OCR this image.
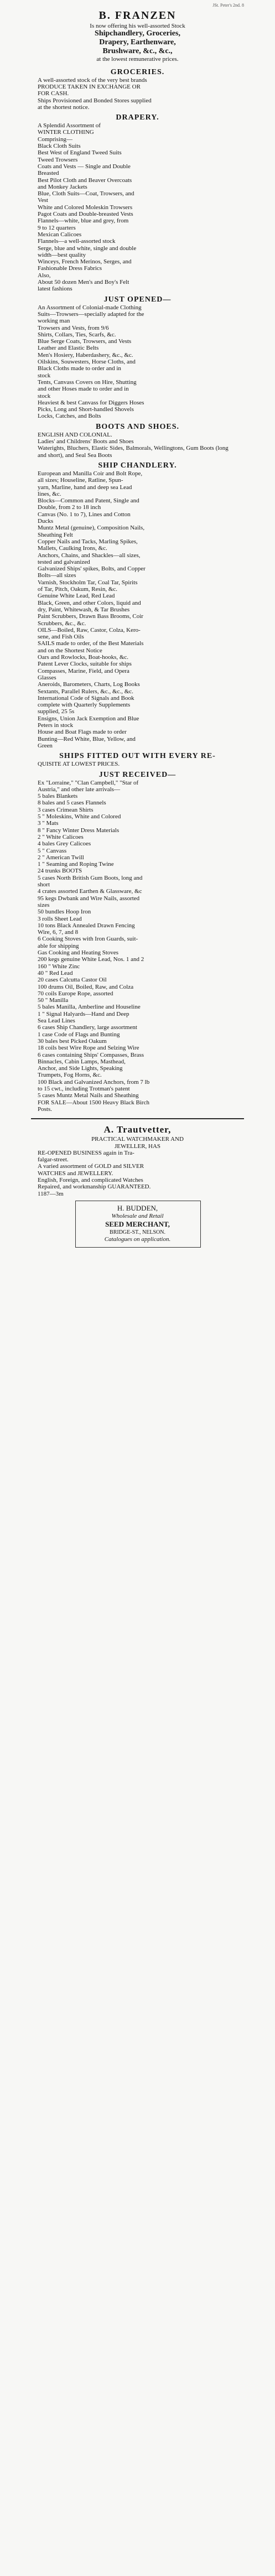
JSt. Peter's 2nd. 8
B. FRANZEN
Is now offering his well-assorted Stock
Shipchandlery, Groceries,
Drapery, Earthenware,
Brushware, &c., &c.,
at the lowest remunerative prices.
GROCERIES.
A well-assorted stock of the very best brands
PRODUCE TAKEN IN EXCHANGE OR
FOR CASH.
Ships Provisioned and Bonded Stores supplied
at the shortest notice.
DRAPERY.
A Splendid Assortment of
WINTER CLOTHING
Comprising—
Black Cloth Suits
Best West of England Tweed Suits
Tweed Trowsers
Coats and Vests — Single and Double
Breasted
Best Pilot Cloth and Beaver Overcoats
and Monkey Jackets
Blue, Cloth Suits—Coat, Trowsers, and
Vest
White and Colored Moleskin Trowsers
Pagot Coats and Double-breasted Vests
Flannels—white, blue and grey, from
9 to 12 quarters
Mexican Calicoes
Flannels—a well-assorted stock
Serge, blue and white, single and double
width—best quality
Winceys, French Merinos, Serges, and
Fashionable Dress Fabrics
Also,
About 50 dozen Men's and Boy's Felt
latest fashions
JUST OPENED—
An Assortment of Colonial-made Clothing
Suits—Trowsers—specially adapted for the
working man
Trowsers and Vests, from 9/6
Shirts, Collars, Ties, Scarfs, &c.
Blue Serge Coats, Trowsers, and Vests
Leather and Elastic Belts
Men's Hosiery, Haberdashery, &c., &c.
Oilskins, Souwesters, Horse Cloths, and
Black Cloths made to order and in
stock
Tents, Canvass Covers on Hire, Shutting
and other Hoses made to order and in
stock
Heaviest & best Canvass for Diggers Hoses
Picks, Long and Short-handled Shovels
Locks, Catches, and Bolts
BOOTS AND SHOES.
ENGLISH AND COLONIAL.
Ladies' and Childrens' Boots and Shoes
Waterights, Bluchers, Elastic Sides, Balmorals, Wellingtons, Gum Boots (long
and short), and Seal Sea Boots
SHIP CHANDLERY.
European and Manilla Coir and Bolt Rope,
all sizes; Houseline, Ratline, Spun-
yarn, Marline, hand and deep sea Lead
lines, &c.
Blocks—Common and Patent, Single and
Double, from 2 to 18 inch
Canvas (No. 1 to 7), Lines and Cotton
Ducks
Muntz Metal (genuine), Composition Nails,
Sheathing Felt
Copper Nails and Tacks, Marling Spikes,
Mallets, Caulking Irons, &c.
Anchors, Chains, and Shackles—all sizes,
tested and galvanized
Galvanized Ships' spikes, Bolts, and Copper
Bolts—all sizes
Varnish, Stockholm Tar, Coal Tar, Spirits
of Tar, Pitch, Oakum, Resin, &c.
Genuine White Lead, Red Lead
Black, Green, and other Colors, liquid and
dry, Paint, Whitewash, & Tar Brushes
Paint Scrubbers, Drawn Bass Brooms, Coir
Scrubbers, &c., &c.
OILS—Boiled, Raw, Castor, Colza, Kero-
sene, and Fish Oils
SAILS made to order, of the Best Materials
and on the Shortest Notice
Oars and Rowlocks, Boat-hooks, &c.
Patent Lever Clocks, suitable for ships
Compasses, Marine, Field, and Opera
Glasses
Aneroids, Barometers, Charts, Log Books
Sextants, Parallel Rulers, &c., &c., &c.
International Code of Signals and Book
complete with Quarterly Supplements
supplied, 25 5s
Ensigns, Union Jack Exemption and Blue
Peters in stock
House and Boat Flags made to order
Bunting—Red White, Blue, Yellow, and
Green
SHIPS FITTED OUT WITH EVERY RE-
QUISITE AT LOWEST PRICES.
JUST RECEIVED—
Ex "Lorraine," "Clan Campbell," "Star of
Austria," and other late arrivals—
5 bales Blankets
8 bales and 5 cases Flannels
3 cases Crimean Shirts
5 " Moleskins, White and Colored
3 " Mats
8 " Fancy Winter Dress Materials
2 " White Calicoes
4 bales Grey Calicoes
5 " Canvass
2 " American Twill
1 " Seaming and Roping Twine
24 trunks BOOTS
5 cases North British Gum Boots, long and
short
4 crates assorted Earthen & Glassware, &c
95 kegs Dwbank and Wire Nails, assorted
sizes
50 bundles Hoop Iron
3 rolls Sheet Lead
10 tons Black Annealed Drawn Fencing
Wire, 6, 7, and 8
6 Cooking Stoves with Iron Guards, suit-
able for shipping
Gas Cooking and Heating Stoves
200 kegs genuine White Lead, Nos. 1 and 2
160 " White Zinc
40 " Red Lead
20 cases Calcutta Castor Oil
100 drums Oil, Boiled, Raw, and Colza
70 coils Europe Rope, assorted
50 " Manilla
5 bales Manilla, Amberline and Houseline
1 " Signal Halyards—Hand and Deep
Sea Lead Lines
6 cases Ship Chandlery, large assortment
1 case Code of Flags and Bunting
30 bales best Picked Oakum
18 coils best Wire Rope and Selzing Wire
6 cases containing Ships' Compasses, Brass
Binnacles, Cabin Lamps, Masthead,
Anchor, and Side Lights, Speaking
Trumpets, Fog Horns, &c.
100 Black and Galvanized Anchors, from 7 lb
to 15 cwt., including Trotman's patent
5 cases Muntz Metal Nails and Sheathing
FOR SALE—About 1500 Heavy Black Birch
Posts.
A. Trautvetter,
PRACTICAL WATCHMAKER AND
JEWELLER, HAS
RE-OPENED BUSINESS again in Tra-
falgar-street.
A varied assortment of GOLD and SILVER
WATCHES and JEWELLERY.
English, Foreign, and complicated Watches
Repaired, and workmanship GUARANTEED.
1187—3m
H. BUDDEN,
Wholesale and Retail
SEED MERCHANT,
BRIDGE-ST., NELSON.
Catalogues on application.
